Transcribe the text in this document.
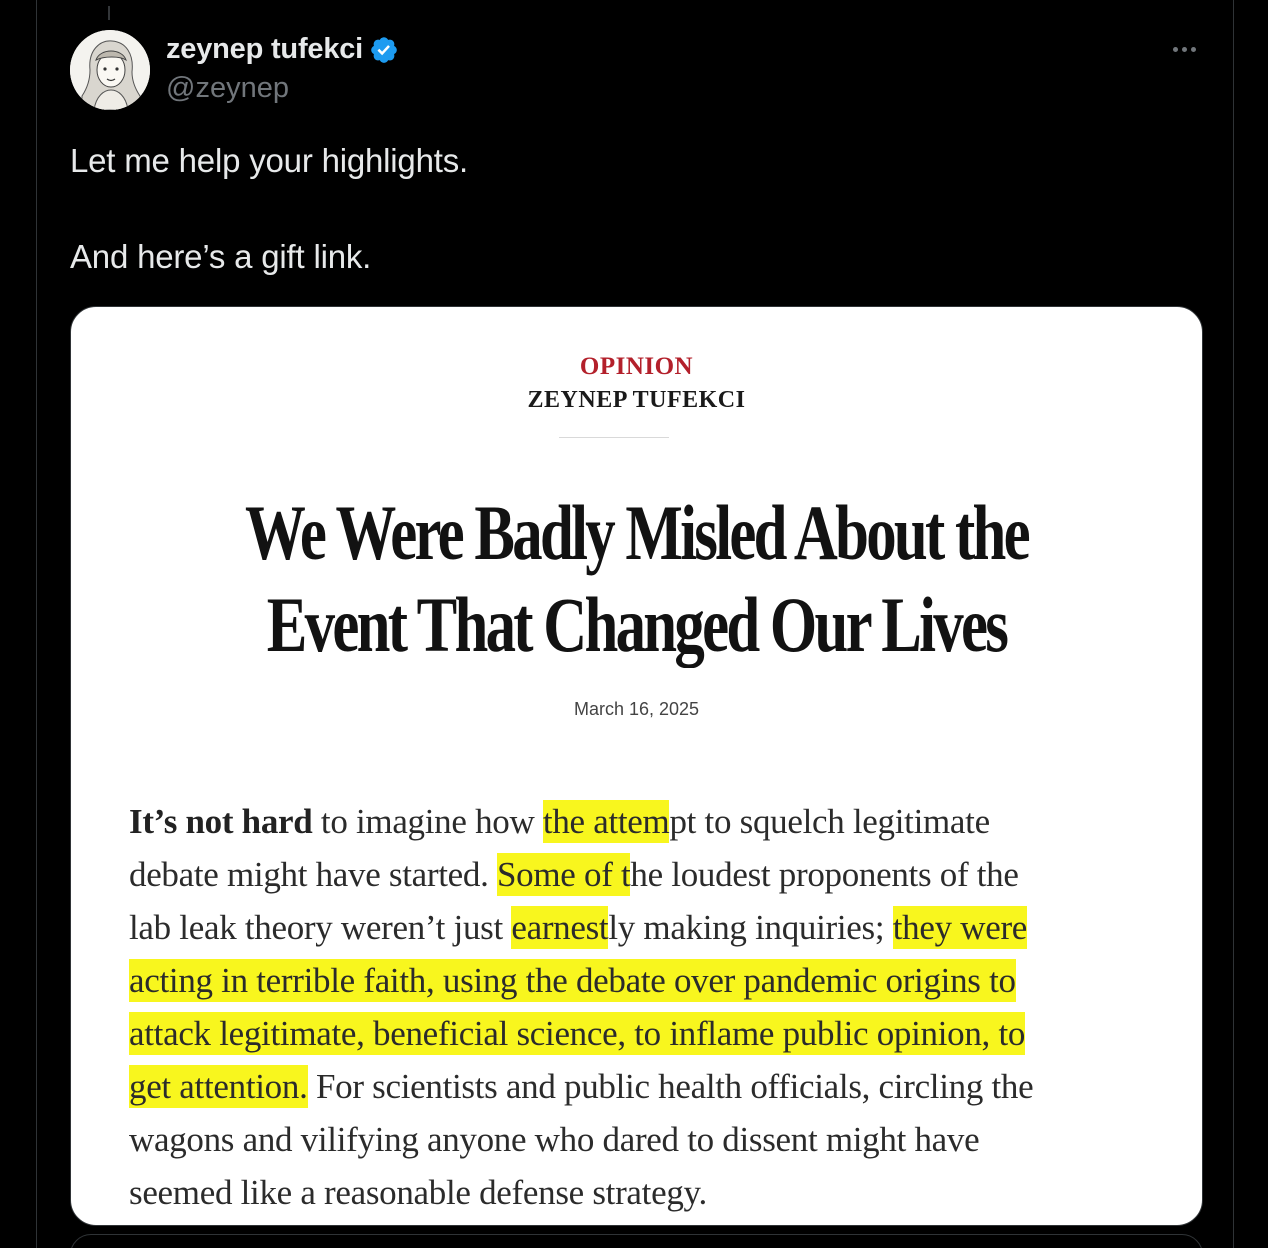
zeynep tufekci
@zeynep
Let me help your highlights.
And here’s a gift link.
OPINION
ZEYNEP TUFEKCI
We Were Badly Misled About the
Event That Changed Our Lives
March 16, 2025
It’s not hard to imagine how the attempt to squelch legitimate
debate might have started. Some of the loudest proponents of the
lab leak theory weren’t just earnestly making inquiries; they were
acting in terrible faith, using the debate over pandemic origins to
attack legitimate, beneficial science, to inflame public opinion, to
get attention. For scientists and public health officials, circling the
wagons and vilifying anyone who dared to dissent might have
seemed like a reasonable defense strategy.
